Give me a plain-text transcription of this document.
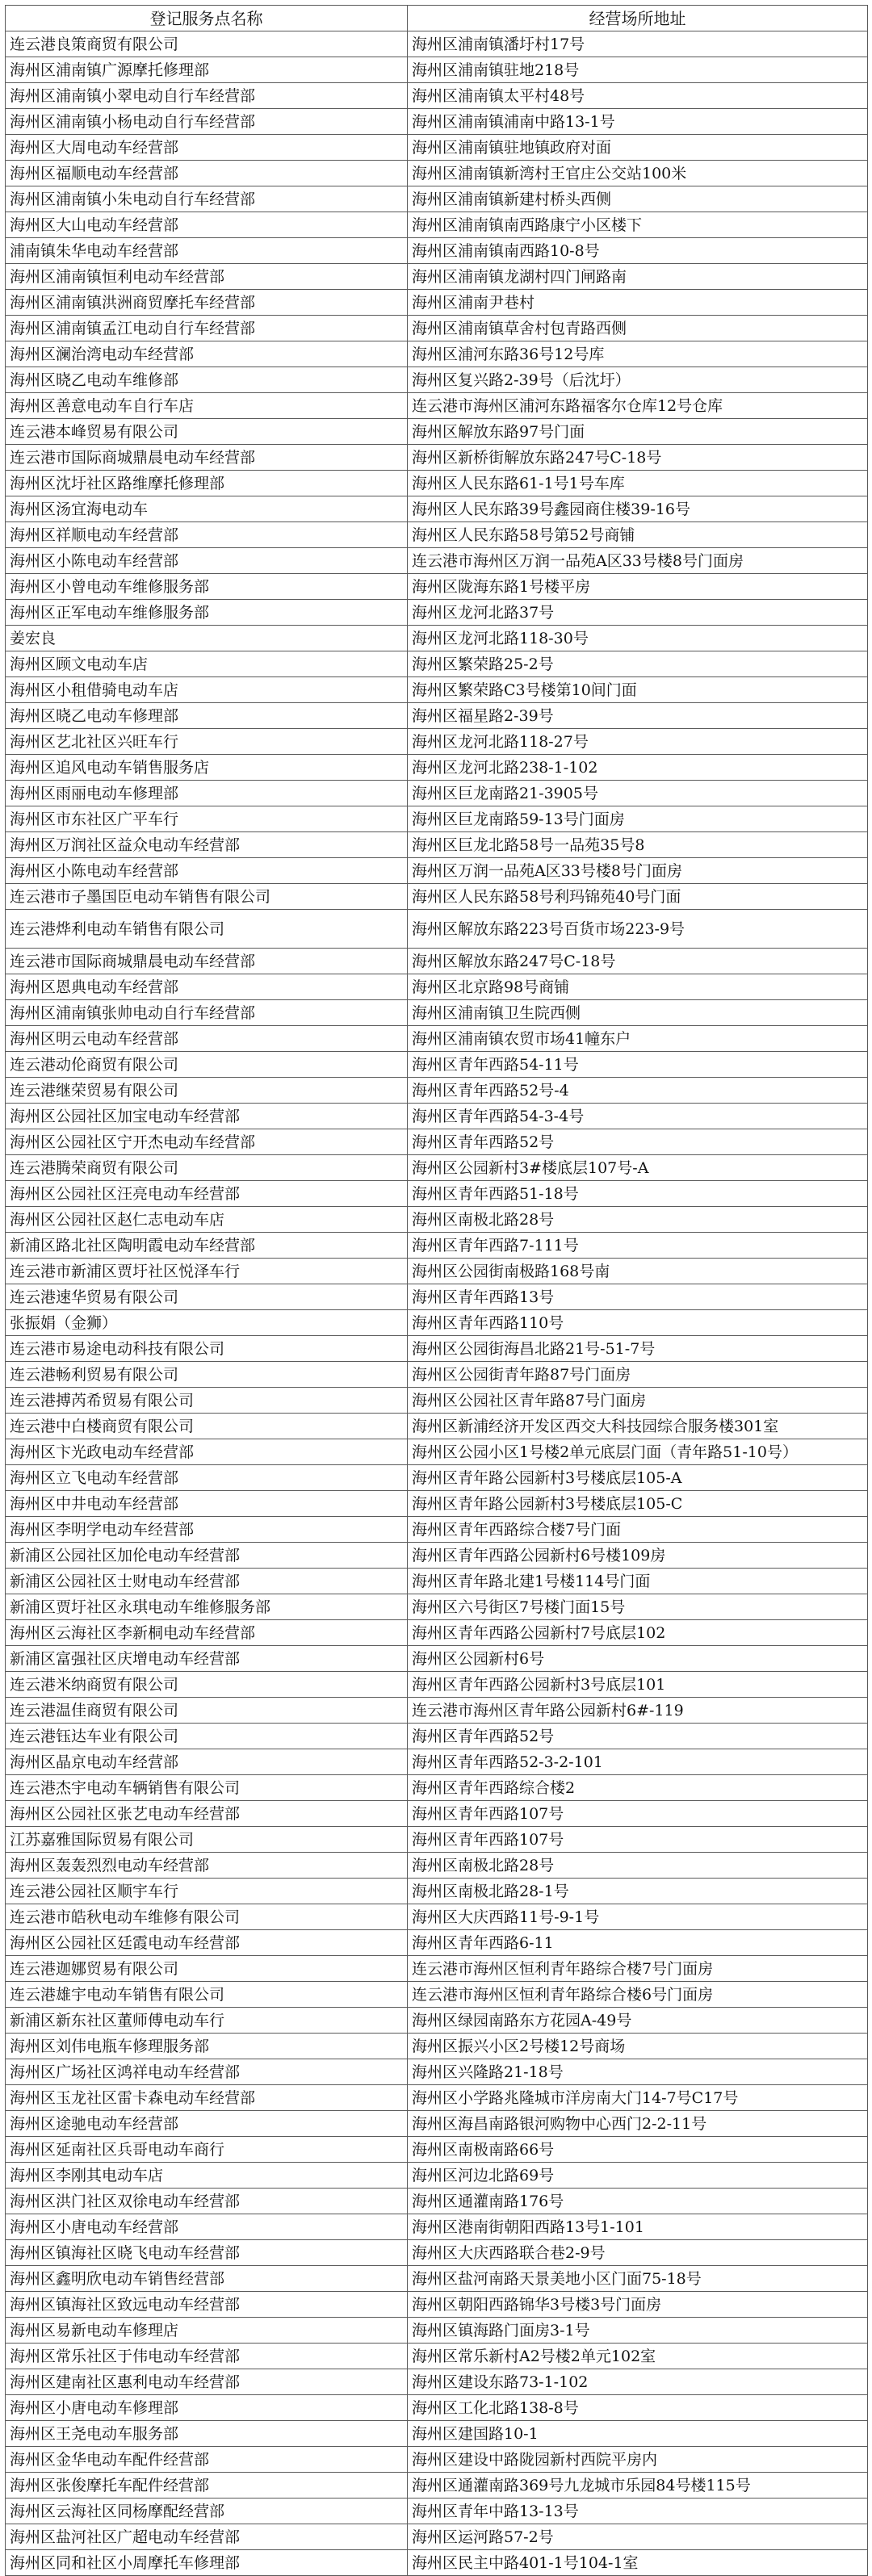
登记服务点名称	经营场所地址
连云港良策商贸有限公司	海州区浦南镇潘圩村17号
海州区浦南镇广源摩托修理部	海州区浦南镇驻地218号
海州区浦南镇小翠电动自行车经营部	海州区浦南镇太平村48号
海州区浦南镇小杨电动自行车经营部	海州区浦南镇浦南中路13-1号
海州区大周电动车经营部	海州区浦南镇驻地镇政府对面
海州区福顺电动车经营部	海州区浦南镇新湾村王官庄公交站100米
海州区浦南镇小朱电动自行车经营部	海州区浦南镇新建村桥头西侧
海州区大山电动车经营部	海州区浦南镇南西路康宁小区楼下
浦南镇朱华电动车经营部	海州区浦南镇南西路10-8号
海州区浦南镇恒利电动车经营部	海州区浦南镇龙湖村四门闸路南
海州区浦南镇洪洲商贸摩托车经营部	海州区浦南尹巷村
海州区浦南镇孟江电动自行车经营部	海州区浦南镇草舍村包青路西侧
海州区澜治湾电动车经营部	海州区浦河东路36号12号库
海州区晓乙电动车维修部	海州区复兴路2-39号（后沈圩）
海州区善意电动车自行车店	连云港市海州区浦河东路福客尔仓库12号仓库
连云港本峰贸易有限公司	海州区解放东路97号门面
连云港市国际商城鼎晨电动车经营部	海州区新桥街解放东路247号C-18号
海州区沈圩社区路维摩托修理部	海州区人民东路61-1号1号车库
海州区汤宜海电动车	海州区人民东路39号鑫园商住楼39-16号
海州区祥顺电动车经营部	海州区人民东路58号第52号商铺
海州区小陈电动车经营部	连云港市海州区万润一品苑A区33号楼8号门面房
海州区小曾电动车维修服务部	海州区陇海东路1号楼平房
海州区正军电动车维修服务部	海州区龙河北路37号
姜宏良	海州区龙河北路118-30号
海州区顾文电动车店	海州区繁荣路25-2号
海州区小租借骑电动车店	海州区繁荣路C3号楼第10间门面
海州区晓乙电动车修理部	海州区福星路2-39号
海州区艺北社区兴旺车行	海州区龙河北路118-27号
海州区追风电动车销售服务店	海州区龙河北路238-1-102
海州区雨丽电动车修理部	海州区巨龙南路21-3905号
海州区市东社区广平车行	海州区巨龙南路59-13号门面房
海州区万润社区益众电动车经营部	海州区巨龙北路58号一品苑35号8
海州区小陈电动车经营部	海州区万润一品苑A区33号楼8号门面房
连云港市子墨国臣电动车销售有限公司	海州区人民东路58号利玛锦苑40号门面
连云港烨利电动车销售有限公司	海州区解放东路223号百货市场223-9号
连云港市国际商城鼎晨电动车经营部	海州区解放东路247号C-18号
海州区恩典电动车经营部	海州区北京路98号商铺
海州区浦南镇张帅电动自行车经营部	海州区浦南镇卫生院西侧
海州区明云电动车经营部	海州区浦南镇农贸市场41幢东户
连云港动伦商贸有限公司	海州区青年西路54-11号
连云港继荣贸易有限公司	海州区青年西路52号-4
海州区公园社区加宝电动车经营部	海州区青年西路54-3-4号
海州区公园社区宁开杰电动车经营部	海州区青年西路52号
连云港腾荣商贸有限公司	海州区公园新村3#楼底层107号-A
海州区公园社区汪亮电动车经营部	海州区青年西路51-18号
海州区公园社区赵仁志电动车店	海州区南极北路28号
新浦区路北社区陶明霞电动车经营部	海州区青年西路7-111号
连云港市新浦区贾圩社区悦泽车行	海州区公园街南极路168号南
连云港速华贸易有限公司	海州区青年西路13号
张振娟（金狮）	海州区青年西路110号
连云港市易途电动科技有限公司	海州区公园街海昌北路21号-51-7号
连云港畅利贸易有限公司	海州区公园街青年路87号门面房
连云港搏芮希贸易有限公司	海州区公园社区青年路87号门面房
连云港中白楼商贸有限公司	海州区新浦经济开发区西交大科技园综合服务楼301室
海州区卞光政电动车经营部	海州区公园小区1号楼2单元底层门面（青年路51-10号）
海州区立飞电动车经营部	海州区青年路公园新村3号楼底层105-A
海州区中井电动车经营部	海州区青年路公园新村3号楼底层105-C
海州区李明学电动车经营部	海州区青年西路综合楼7号门面
新浦区公园社区加伦电动车经营部	海州区青年西路公园新村6号楼109房
新浦区公园社区士财电动车经营部	海州区青年路北建1号楼114号门面
新浦区贾圩社区永琪电动车维修服务部	海州区六号街区7号楼门面15号
海州区云海社区李新桐电动车经营部	海州区青年西路公园新村7号底层102
新浦区富强社区庆增电动车经营部	海州区公园新村6号
连云港米纳商贸有限公司	海州区青年西路公园新村3号底层101
连云港温佳商贸有限公司	连云港市海州区青年路公园新村6#-119
连云港钰达车业有限公司	海州区青年西路52号
海州区晶京电动车经营部	海州区青年西路52-3-2-101
连云港杰宇电动车辆销售有限公司	海州区青年西路综合楼2
海州区公园社区张艺电动车经营部	海州区青年西路107号
江苏嘉雅国际贸易有限公司	海州区青年西路107号
海州区轰轰烈烈电动车经营部	海州区南极北路28号
连云港公园社区顺宇车行	海州区南极北路28-1号
连云港市皓秋电动车维修有限公司	海州区大庆西路11号-9-1号
海州区公园社区廷霞电动车经营部	海州区青年西路6-11
连云港迦娜贸易有限公司	连云港市海州区恒利青年路综合楼7号门面房
连云港雄宇电动车销售有限公司	连云港市海州区恒利青年路综合楼6号门面房
新浦区新东社区董师傅电动车行	海州区绿园南路东方花园A-49号
海州区刘伟电瓶车修理服务部	海州区振兴小区2号楼12号商场
海州区广场社区鸿祥电动车经营部	海州区兴隆路21-18号
海州区玉龙社区雷卡森电动车经营部	海州区小学路兆隆城市洋房南大门14-7号C17号
海州区途驰电动车经营部	海州区海昌南路银河购物中心西门2-2-11号
海州区延南社区兵哥电动车商行	海州区南极南路66号
海州区李刚其电动车店	海州区河边北路69号
海州区洪门社区双徐电动车经营部	海州区通灌南路176号
海州区小唐电动车经营部	海州区港南街朝阳西路13号1-101
海州区镇海社区晓飞电动车经营部	海州区大庆西路联合巷2-9号
海州区鑫明欣电动车销售经营部	海州区盐河南路天景美地小区门面75-18号
海州区镇海社区致远电动车经营部	海州区朝阳西路锦华3号楼3号门面房
海州区易新电动车修理店	海州区镇海路门面房3-1号
海州区常乐社区于伟电动车经营部	海州区常乐新村A2号楼2单元102室
海州区建南社区惠利电动车经营部	海州区建设东路73-1-102
海州区小唐电动车修理部	海州区工化北路138-8号
海州区王尧电动车服务部	海州区建国路10-1
海州区金华电动车配件经营部	海州区建设中路陇园新村西院平房内
海州区张俊摩托车配件经营部	海州区通灌南路369号九龙城市乐园84号楼115号
海州区云海社区同杨摩配经营部	海州区青年中路13-13号
海州区盐河社区广超电动车经营部	海州区运河路57-2号
海州区同和社区小周摩托车修理部	海州区民主中路401-1号104-1室
